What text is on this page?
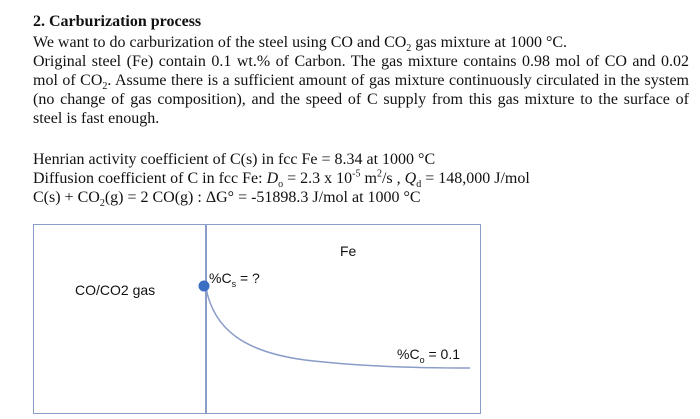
2. Carburization process
We want to do carburization of the steel using CO and $CO_2$ gas mixture at 1000 °C.
Original steel (Fe) contain 0.1 wt.% of Carbon. The gas mixture contains 0.98 mol of CO and 0.02 mol of $CO_2$. Assume there is a sufficient amount of gas mixture continuously circulated in the system (no change of gas composition), and the speed of C supply from this gas mixture to the surface of steel is fast enough.
Henrian activity coefficient of C(s) in fcc Fe = 8.34 at 1000 °C
Diffusion coefficient of C in fcc Fe: $D_o = 2.3$ x $10^{-5}$ $m^2/s$ , $Q_d = 148,000$ J/mol
$C(s) + CO_2(g) = 2$ CO(g) : ΔG° = -51898.3 J/mol at 1000 °C
CO/CO2 gas
Fe
$\%C_s$ = ?
$\%C_o = 0.1$
